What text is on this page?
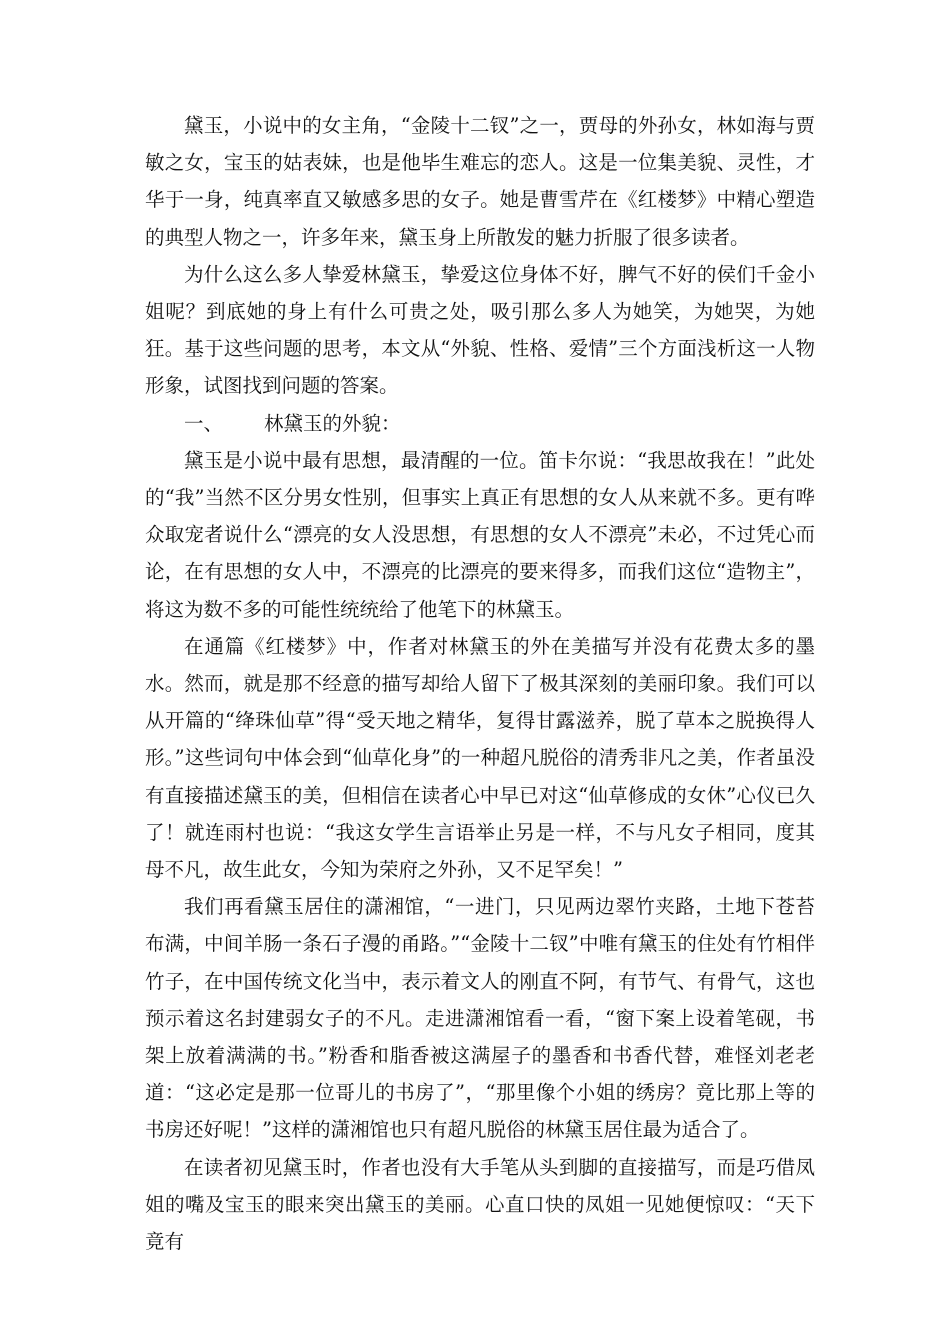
黛玉，小说中的女主角，“金陵十二钗”之一，贾母的外孙女，林如海与贾敏之女，宝玉的姑表妹，也是他毕生难忘的恋人。这是一位集美貌、灵性，才华于一身，纯真率直又敏感多思的女子。她是曹雪芹在《红楼梦》中精心塑造的典型人物之一，许多年来，黛玉身上所散发的魅力折服了很多读者。

为什么这么多人挚爱林黛玉，挚爱这位身体不好，脾气不好的侯们千金小姐呢？到底她的身上有什么可贵之处，吸引那么多人为她笑，为她哭，为她狂。基于这些问题的思考，本文从“外貌、性格、爱情”三个方面浅析这一人物形象，试图找到问题的答案。

一、 林黛玉的外貌：

黛玉是小说中最有思想，最清醒的一位。笛卡尔说：“我思故我在！”此处的“我”当然不区分男女性别，但事实上真正有思想的女人从来就不多。更有哗众取宠者说什么“漂亮的女人没思想，有思想的女人不漂亮”未必，不过凭心而论，在有思想的女人中，不漂亮的比漂亮的要来得多，而我们这位“造物主”，将这为数不多的可能性统统给了他笔下的林黛玉。

在通篇《红楼梦》中，作者对林黛玉的外在美描写并没有花费太多的墨水。然而，就是那不经意的描写却给人留下了极其深刻的美丽印象。我们可以从开篇的“绛珠仙草”得“受天地之精华，复得甘露滋养，脱了草本之脱换得人形。”这些词句中体会到“仙草化身”的一种超凡脱俗的清秀非凡之美，作者虽没有直接描述黛玉的美，但相信在读者心中早已对这“仙草修成的女休”心仪已久了！就连雨村也说：“我这女学生言语举止另是一样，不与凡女子相同，度其母不凡，故生此女，今知为荣府之外孙，又不足罕矣！”

我们再看黛玉居住的潇湘馆，“一进门，只见两边翠竹夹路，土地下苍苔布满，中间羊肠一条石子漫的甬路。”“金陵十二钗”中唯有黛玉的住处有竹相伴竹子，在中国传统文化当中，表示着文人的刚直不阿，有节气、有骨气，这也预示着这名封建弱女子的不凡。走进潇湘馆看一看，“窗下案上设着笔砚，书架上放着满满的书。”粉香和脂香被这满屋子的墨香和书香代替，难怪刘老老道：“这必定是那一位哥儿的书房了”，“那里像个小姐的绣房？竟比那上等的书房还好呢！”这样的潇湘馆也只有超凡脱俗的林黛玉居住最为适合了。

在读者初见黛玉时，作者也没有大手笔从头到脚的直接描写，而是巧借凤姐的嘴及宝玉的眼来突出黛玉的美丽。心直口快的凤姐一见她便惊叹：“天下竟有
